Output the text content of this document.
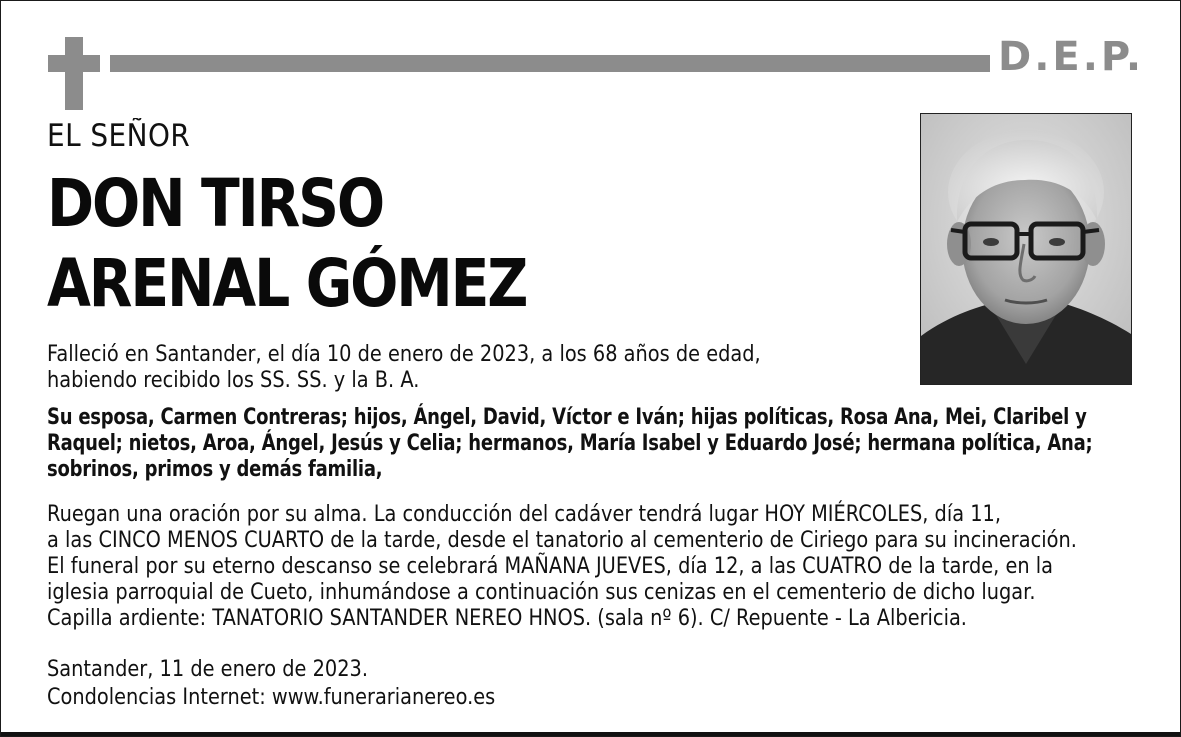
D.E.P.
EL SEÑOR
DON TIRSO
ARENAL GÓMEZ
Falleció en Santander, el día 10 de enero de 2023, a los 68 años de edad,
habiendo recibido los SS. SS. y la B. A.
Su esposa, Carmen Contreras; hijos, Ángel, David, Víctor e Iván; hijas políticas, Rosa Ana, Mei, Claribel y
Raquel; nietos, Aroa, Ángel, Jesús y Celia; hermanos, María Isabel y Eduardo José; hermana política, Ana;
sobrinos, primos y demás familia,
Ruegan una oración por su alma. La conducción del cadáver tendrá lugar HOY MIÉRCOLES, día 11,
a las CINCO MENOS CUARTO de la tarde, desde el tanatorio al cementerio de Ciriego para su incineración.
El funeral por su eterno descanso se celebrará MAÑANA JUEVES, día 12, a las CUATRO de la tarde, en la
iglesia parroquial de Cueto, inhumándose a continuación sus cenizas en el cementerio de dicho lugar.
Capilla ardiente: TANATORIO SANTANDER NEREO HNOS. (sala nº 6). C/ Repuente - La Albericia.
Santander, 11 de enero de 2023.
Condolencias Internet: www.funerarianereo.es
